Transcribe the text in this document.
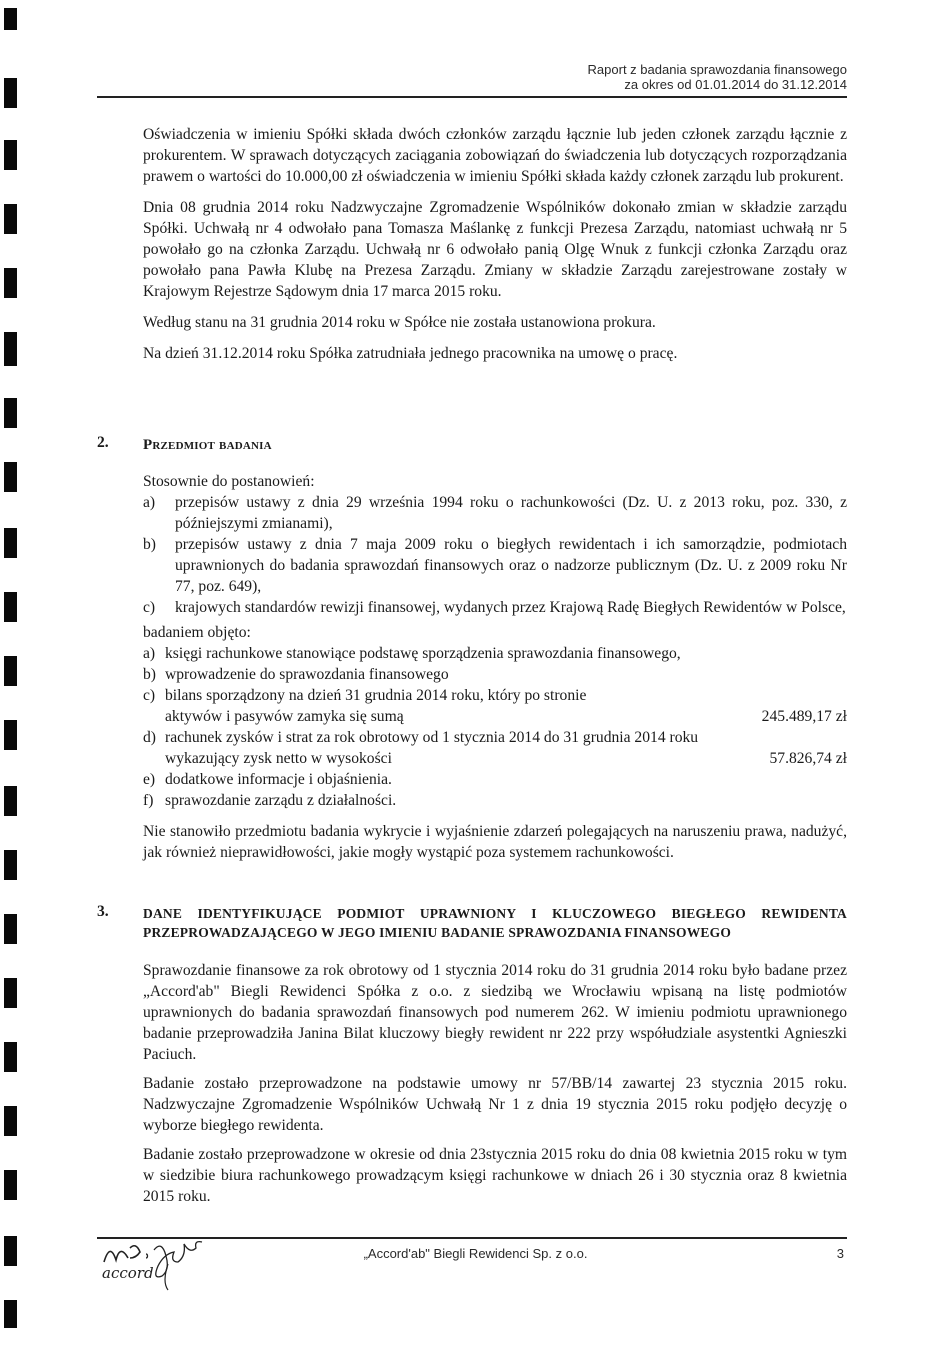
Raport z badania sprawozdania finansowego
za okres od 01.01.2014 do 31.12.2014

Oświadczenia w imieniu Spółki składa dwóch członków zarządu łącznie lub jeden członek zarządu łącznie z prokurentem. W sprawach dotyczących zaciągania zobowiązań do świadczenia lub dotyczących rozporządzania prawem o wartości do 10.000,00 zł oświadczenia w imieniu Spółki składa każdy członek zarządu lub prokurent.

Dnia 08 grudnia 2014 roku Nadzwyczajne Zgromadzenie Wspólników dokonało zmian w składzie zarządu Spółki. Uchwałą nr 4 odwołało pana Tomasza Maślankę z funkcji Prezesa Zarządu, natomiast uchwałą nr 5 powołało go na członka Zarządu. Uchwałą nr 6 odwołało panią Olgę Wnuk z funkcji członka Zarządu oraz powołało pana Pawła Klubę na Prezesa Zarządu. Zmiany w składzie Zarządu zarejestrowane zostały w Krajowym Rejestrze Sądowym dnia 17 marca 2015 roku.

Według stanu na 31 grudnia 2014 roku w Spółce nie została ustanowiona prokura.

Na dzień 31.12.2014 roku Spółka zatrudniała jednego pracownika na umowę o pracę.

2. Przedmiot badania

Stosownie do postanowień:

a) przepisów ustawy z dnia 29 września 1994 roku o rachunkowości (Dz. U. z 2013 roku, poz. 330, z późniejszymi zmianami),
b) przepisów ustawy z dnia 7 maja 2009 roku o biegłych rewidentach i ich samorządzie, podmiotach uprawnionych do badania sprawozdań finansowych oraz o nadzorze publicznym (Dz. U. z 2009 roku Nr 77, poz. 649),
c) krajowych standardów rewizji finansowej, wydanych przez Krajową Radę Biegłych Rewidentów w Polsce,

badaniem objęto:

a) księgi rachunkowe stanowiące podstawę sporządzenia sprawozdania finansowego,
b) wprowadzenie do sprawozdania finansowego
c) bilans sporządzony na dzień 31 grudnia 2014 roku, który po stronie
aktywów i pasywów zamyka się sumą	245.489,17 zł
d) rachunek zysków i strat za rok obrotowy od 1 stycznia 2014 do 31 grudnia 2014 roku
wykazujący zysk netto w wysokości	57.826,74 zł
e) dodatkowe informacje i objaśnienia.
f) sprawozdanie zarządu z działalności.

Nie stanowiło przedmiotu badania wykrycie i wyjaśnienie zdarzeń polegających na naruszeniu prawa, nadużyć, jak również nieprawidłowości, jakie mogły wystąpić poza systemem rachunkowości.

3.	DANE IDENTYFIKUJĄCE PODMIOT UPRAWNIONY I KLUCZOWEGO BIEGŁEGO REWIDENTA PRZEPROWADZAJĄCEGO W JEGO IMIENIU BADANIE SPRAWOZDANIA FINANSOWEGO

Sprawozdanie finansowe za rok obrotowy od 1 stycznia 2014 roku do 31 grudnia 2014 roku było badane przez „Accord'ab" Biegli Rewidenci Spółka z o.o. z siedzibą we Wrocławiu wpisaną na listę podmiotów uprawnionych do badania sprawozdań finansowych pod numerem 262. W imieniu podmiotu uprawnionego badanie przeprowadziła Janina Bilat kluczowy biegły rewident nr 222 przy współudziale asystentki Agnieszki Paciuch.

Badanie zostało przeprowadzone na podstawie umowy nr 57/BB/14 zawartej 23 stycznia 2015 roku. Nadzwyczajne Zgromadzenie Wspólników Uchwałą Nr 1 z dnia 19 stycznia 2015 roku podjęło decyzję o wyborze biegłego rewidenta.

Badanie zostało przeprowadzone w okresie od dnia 23stycznia 2015 roku do dnia 08 kwietnia 2015 roku w tym w siedzibie biura rachunkowego prowadzącym księgi rachunkowe w dniach 26 i 30 stycznia oraz 8 kwietnia 2015 roku.

accord
„Accord'ab" Biegli Rewidenci Sp. z o.o.	3
